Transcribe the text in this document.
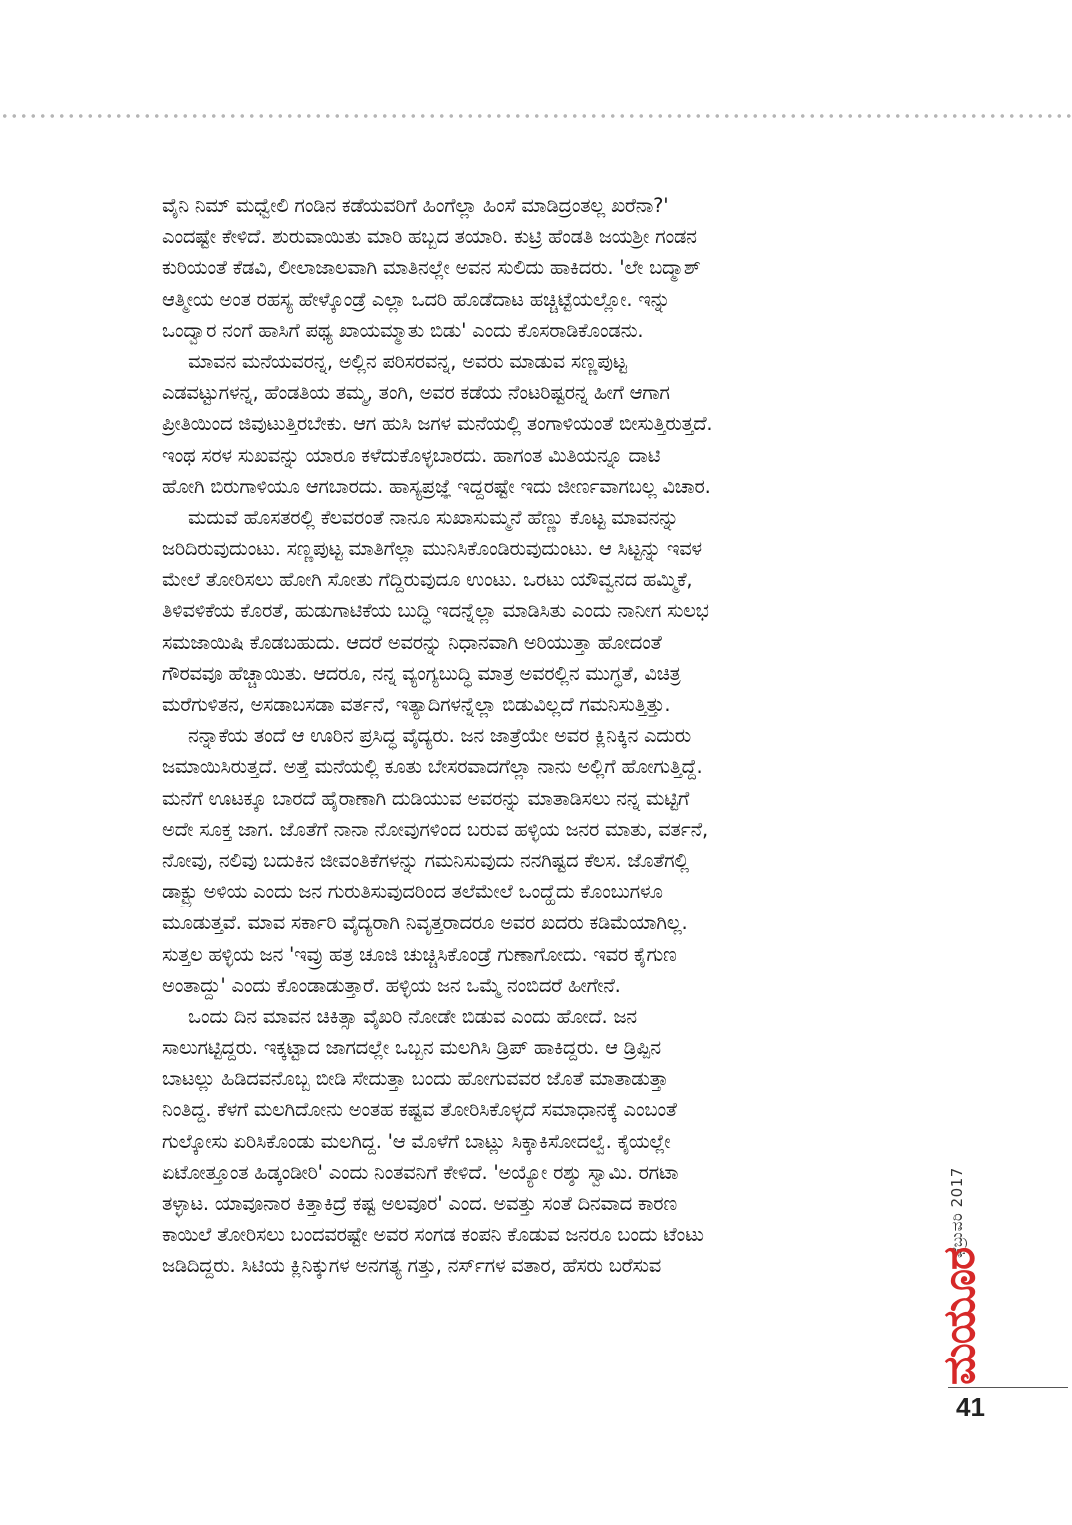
ವೈನಿ ನಿಮ್ ಮಧ್ವೇಲಿ ಗಂಡಿನ ಕಡೆಯವರಿಗೆ ಹಿಂಗೆಲ್ಲಾ ಹಿಂಸೆ ಮಾಡಿದ್ರಂತಲ್ಲ ಖರೆನಾ?'
ಎಂದಷ್ಟೇ ಕೇಳಿದೆ. ಶುರುವಾಯಿತು ಮಾರಿ ಹಬ್ಬದ ತಯಾರಿ. ಕುಟ್ರಿ ಹೆಂಡತಿ ಜಯಶ್ರೀ ಗಂಡನ
ಕುರಿಯಂತೆ ಕೆಡವಿ, ಲೀಲಾಜಾಲವಾಗಿ ಮಾತಿನಲ್ಲೇ ಅವನ ಸುಲಿದು ಹಾಕಿದರು. 'ಲೇ ಬದ್ಮಾಶ್
ಆತ್ಮೀಯ ಅಂತ ರಹಸ್ಯ ಹೇಳ್ಕೊಂಡ್ರೆ ಎಲ್ಲಾ ಒದರಿ ಹೊಡೆದಾಟ ಹಚ್ಚಿಟ್ಟೆಯಲ್ಲೋ. ಇನ್ನು
ಒಂದ್ವಾರ ನಂಗೆ ಹಾಸಿಗೆ ಪಥ್ಯ ಖಾಯಮ್ಮಾತು ಬಿಡು' ಎಂದು ಕೊಸರಾಡಿಕೊಂಡನು.
ಮಾವನ ಮನೆಯವರನ್ನ, ಅಲ್ಲಿನ ಪರಿಸರವನ್ನ, ಅವರು ಮಾಡುವ ಸಣ್ಣಪುಟ್ಟ
ಎಡವಟ್ಟುಗಳನ್ನ, ಹೆಂಡತಿಯ ತಮ್ಮ, ತಂಗಿ, ಅವರ ಕಡೆಯ ನೆಂಟರಿಷ್ಟರನ್ನ ಹೀಗೆ ಆಗಾಗ
ಪ್ರೀತಿಯಿಂದ ಜಿವುಟುತ್ತಿರಬೇಕು. ಆಗ ಹುಸಿ ಜಗಳ ಮನೆಯಲ್ಲಿ ತಂಗಾಳಿಯಂತೆ ಬೀಸುತ್ತಿರುತ್ತದೆ.
ಇಂಥ ಸರಳ ಸುಖವನ್ನು ಯಾರೂ ಕಳೆದುಕೊಳ್ಳಬಾರದು. ಹಾಗಂತ ಮಿತಿಯನ್ನೂ ದಾಟಿ
ಹೋಗಿ ಬಿರುಗಾಳಿಯೂ ಆಗಬಾರದು. ಹಾಸ್ಯಪ್ರಜ್ಞೆ ಇದ್ದರಷ್ಟೇ ಇದು ಜೀರ್ಣವಾಗಬಲ್ಲ ವಿಚಾರ.
ಮದುವೆ ಹೊಸತರಲ್ಲಿ ಕೆಲವರಂತೆ ನಾನೂ ಸುಖಾಸುಮ್ಮನೆ ಹೆಣ್ಣು ಕೊಟ್ಟ ಮಾವನನ್ನು
ಜರಿದಿರುವುದುಂಟು. ಸಣ್ಣಪುಟ್ಟ ಮಾತಿಗೆಲ್ಲಾ ಮುನಿಸಿಕೊಂಡಿರುವುದುಂಟು. ಆ ಸಿಟ್ಟನ್ನು ಇವಳ
ಮೇಲೆ ತೋರಿಸಲು ಹೋಗಿ ಸೋತು ಗೆದ್ದಿರುವುದೂ ಉಂಟು. ಒರಟು ಯೌವ್ವನದ ಹಮ್ಮಿಕೆ,
ತಿಳಿವಳಿಕೆಯ ಕೊರತೆ, ಹುಡುಗಾಟಿಕೆಯ ಬುದ್ಧಿ ಇದನ್ನೆಲ್ಲಾ ಮಾಡಿಸಿತು ಎಂದು ನಾನೀಗ ಸುಲಭ
ಸಮಜಾಯಿಷಿ ಕೊಡಬಹುದು. ಆದರೆ ಅವರನ್ನು ನಿಧಾನವಾಗಿ ಅರಿಯುತ್ತಾ ಹೋದಂತೆ
ಗೌರವವೂ ಹೆಚ್ಚಾಯಿತು. ಆದರೂ, ನನ್ನ ವ್ಯಂಗ್ಯಬುದ್ಧಿ ಮಾತ್ರ ಅವರಲ್ಲಿನ ಮುಗ್ಧತೆ, ವಿಚಿತ್ರ
ಮರೆಗುಳಿತನ, ಅಸಡಾಬಸಡಾ ವರ್ತನೆ, ಇತ್ಯಾದಿಗಳನ್ನೆಲ್ಲಾ ಬಿಡುವಿಲ್ಲದೆ ಗಮನಿಸುತ್ತಿತ್ತು.
ನನ್ನಾಕೆಯ ತಂದೆ ಆ ಊರಿನ ಪ್ರಸಿದ್ಧ ವೈದ್ಯರು. ಜನ ಜಾತ್ರೆಯೇ ಅವರ ಕ್ಲಿನಿಕ್ಕಿನ ಎದುರು
ಜಮಾಯಿಸಿರುತ್ತದೆ. ಅತ್ತೆ ಮನೆಯಲ್ಲಿ ಕೂತು ಬೇಸರವಾದಗೆಲ್ಲಾ ನಾನು ಅಲ್ಲಿಗೆ ಹೋಗುತ್ತಿದ್ದೆ.
ಮನೆಗೆ ಊಟಕ್ಕೂ ಬಾರದೆ ಹೈರಾಣಾಗಿ ದುಡಿಯುವ ಅವರನ್ನು ಮಾತಾಡಿಸಲು ನನ್ನ ಮಟ್ಟಿಗೆ
ಅದೇ ಸೂಕ್ತ ಜಾಗ. ಜೊತೆಗೆ ನಾನಾ ನೋವುಗಳಿಂದ ಬರುವ ಹಳ್ಳಿಯ ಜನರ ಮಾತು, ವರ್ತನೆ,
ನೋವು, ನಲಿವು ಬದುಕಿನ ಜೀವಂತಿಕೆಗಳನ್ನು ಗಮನಿಸುವುದು ನನಗಿಷ್ಟದ ಕೆಲಸ. ಜೊತೆಗಲ್ಲಿ
ಡಾಕ್ಟ್ರು ಅಳಿಯ ಎಂದು ಜನ ಗುರುತಿಸುವುದರಿಂದ ತಲೆಮೇಲೆ ಒಂದ್ಹೆದು ಕೊಂಬುಗಳೂ
ಮೂಡುತ್ತವೆ. ಮಾವ ಸರ್ಕಾರಿ ವೈದ್ಯರಾಗಿ ನಿವೃತ್ತರಾದರೂ ಅವರ ಖದರು ಕಡಿಮೆಯಾಗಿಲ್ಲ.
ಸುತ್ತಲ ಹಳ್ಳಿಯ ಜನ 'ಇವ್ರು ಹತ್ರ ಚೂಜಿ ಚುಚ್ಚಿಸಿಕೊಂಡ್ರೆ ಗುಣಾಗೋದು. ಇವರ ಕೈಗುಣ
ಅಂತಾದ್ದು' ಎಂದು ಕೊಂಡಾಡುತ್ತಾರೆ. ಹಳ್ಳಿಯ ಜನ ಒಮ್ಮೆ ನಂಬಿದರೆ ಹೀಗೇನೆ.
ಒಂದು ದಿನ ಮಾವನ ಚಿಕಿತ್ಸಾ ವೈಖರಿ ನೋಡೇ ಬಿಡುವ ಎಂದು ಹೋದೆ. ಜನ
ಸಾಲುಗಟ್ಟಿದ್ದರು. ಇಕ್ಕಟ್ಟಾದ ಜಾಗದಲ್ಲೇ ಒಬ್ಬನ ಮಲಗಿಸಿ ಡ್ರಿಪ್ ಹಾಕಿದ್ದರು. ಆ ಡ್ರಿಪ್ಪಿನ
ಬಾಟಲ್ಲು ಹಿಡಿದವನೊಬ್ಬ ಬೀಡಿ ಸೇದುತ್ತಾ ಬಂದು ಹೋಗುವವರ ಜೊತೆ ಮಾತಾಡುತ್ತಾ
ನಿಂತಿದ್ದ. ಕೆಳಗೆ ಮಲಗಿದೋನು ಅಂತಹ ಕಷ್ಟವ ತೋರಿಸಿಕೊಳ್ಳದೆ ಸಮಾಧಾನಕ್ಕೆ ಎಂಬಂತೆ
ಗುಲ್ಕೋಸು ಏರಿಸಿಕೊಂಡು ಮಲಗಿದ್ದ. 'ಆ ಮೊಳೆಗೆ ಬಾಟ್ಲು ಸಿಕ್ಕಾಕಿಸೋದಲ್ವೆ. ಕೈಯಲ್ಲೇ
ಏಟೋತ್ತೂಂತ ಹಿಡ್ಕಂಡೀರಿ' ಎಂದು ನಿಂತವನಿಗೆ ಕೇಳಿದೆ. 'ಅಯ್ಯೋ ರಶ್ಶು ಸ್ವಾಮಿ. ರಗಟಾ
ತಳ್ಳಾಟ. ಯಾವೂನಾರ ಕಿತ್ತಾಕಿದ್ರೆ ಕಷ್ಟ ಅಲವೂರ' ಎಂದ. ಅವತ್ತು ಸಂತೆ ದಿನವಾದ ಕಾರಣ
ಕಾಯಿಲೆ ತೋರಿಸಲು ಬಂದವರಷ್ಟೇ ಅವರ ಸಂಗಡ ಕಂಪನಿ ಕೊಡುವ ಜನರೂ ಬಂದು ಟೆಂಟು
ಜಡಿದಿದ್ದರು. ಸಿಟಿಯ ಕ್ಲಿನಿಕ್ಕುಗಳ ಅನಗತ್ಯ ಗತ್ತು, ನರ್ಸ್‌ಗಳ ವತಾರ, ಹೆಸರು ಬರೆಸುವ
ಫೆಬ್ರುವರಿ 2017
ಮಯೂರ
41
